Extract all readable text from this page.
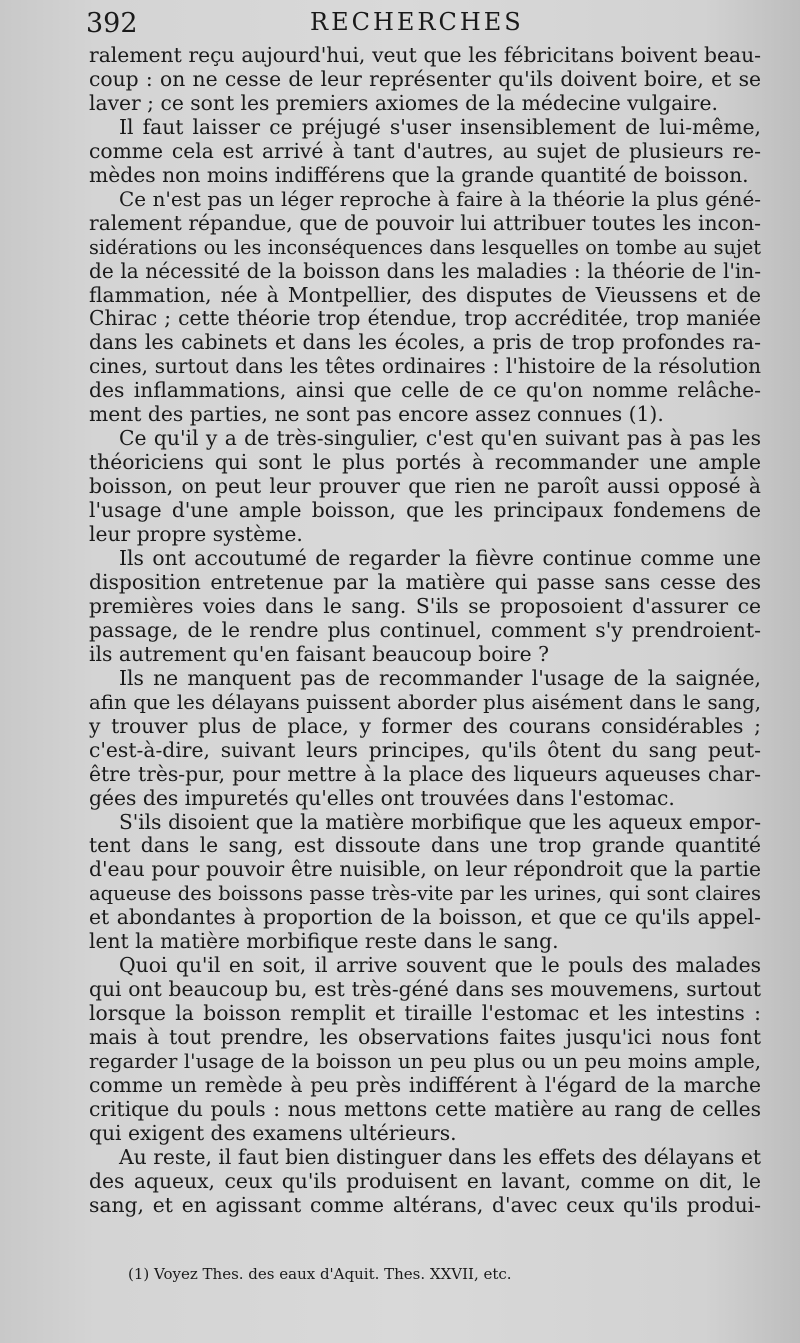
392	RECHERCHES
ralement reçu aujourd'hui, veut que les fébricitans boivent beau-
coup : on ne cesse de leur représenter qu'ils doivent boire, et se
laver ; ce sont les premiers axiomes de la médecine vulgaire.
Il faut laisser ce préjugé s'user insensiblement de lui-même,
comme cela est arrivé à tant d'autres, au sujet de plusieurs re-
mèdes non moins indifférens que la grande quantité de boisson.
Ce n'est pas un léger reproche à faire à la théorie la plus géné-
ralement répandue, que de pouvoir lui attribuer toutes les incon-
sidérations ou les inconséquences dans lesquelles on tombe au sujet
de la nécessité de la boisson dans les maladies : la théorie de l'in-
flammation, née à Montpellier, des disputes de Vieussens et de
Chirac ; cette théorie trop étendue, trop accréditée, trop maniée
dans les cabinets et dans les écoles, a pris de trop profondes ra-
cines, surtout dans les têtes ordinaires : l'histoire de la résolution
des inflammations, ainsi que celle de ce qu'on nomme relâche-
ment des parties, ne sont pas encore assez connues (1).
Ce qu'il y a de très-singulier, c'est qu'en suivant pas à pas les
théoriciens qui sont le plus portés à recommander une ample
boisson, on peut leur prouver que rien ne paroît aussi opposé à
l'usage d'une ample boisson, que les principaux fondemens de
leur propre système.
Ils ont accoutumé de regarder la fièvre continue comme une
disposition entretenue par la matière qui passe sans cesse des
premières voies dans le sang. S'ils se proposoient d'assurer ce
passage, de le rendre plus continuel, comment s'y prendroient-
ils autrement qu'en faisant beaucoup boire ?
Ils ne manquent pas de recommander l'usage de la saignée,
afin que les délayans puissent aborder plus aisément dans le sang,
y trouver plus de place, y former des courans considérables ;
c'est-à-dire, suivant leurs principes, qu'ils ôtent du sang peut-
être très-pur, pour mettre à la place des liqueurs aqueuses char-
gées des impuretés qu'elles ont trouvées dans l'estomac.
S'ils disoient que la matière morbifique que les aqueux empor-
tent dans le sang, est dissoute dans une trop grande quantité
d'eau pour pouvoir être nuisible, on leur répondroit que la partie
aqueuse des boissons passe très-vite par les urines, qui sont claires
et abondantes à proportion de la boisson, et que ce qu'ils appel-
lent la matière morbifique reste dans le sang.
Quoi qu'il en soit, il arrive souvent que le pouls des malades
qui ont beaucoup bu, est très-géné dans ses mouvemens, surtout
lorsque la boisson remplit et tiraille l'estomac et les intestins :
mais à tout prendre, les observations faites jusqu'ici nous font
regarder l'usage de la boisson un peu plus ou un peu moins ample,
comme un remède à peu près indifférent à l'égard de la marche
critique du pouls : nous mettons cette matière au rang de celles
qui exigent des examens ultérieurs.
Au reste, il faut bien distinguer dans les effets des délayans et
des aqueux, ceux qu'ils produisent en lavant, comme on dit, le
sang, et en agissant comme altérans, d'avec ceux qu'ils produi-
(1) Voyez Thes. des eaux d'Aquit. Thes. XXVII, etc.
